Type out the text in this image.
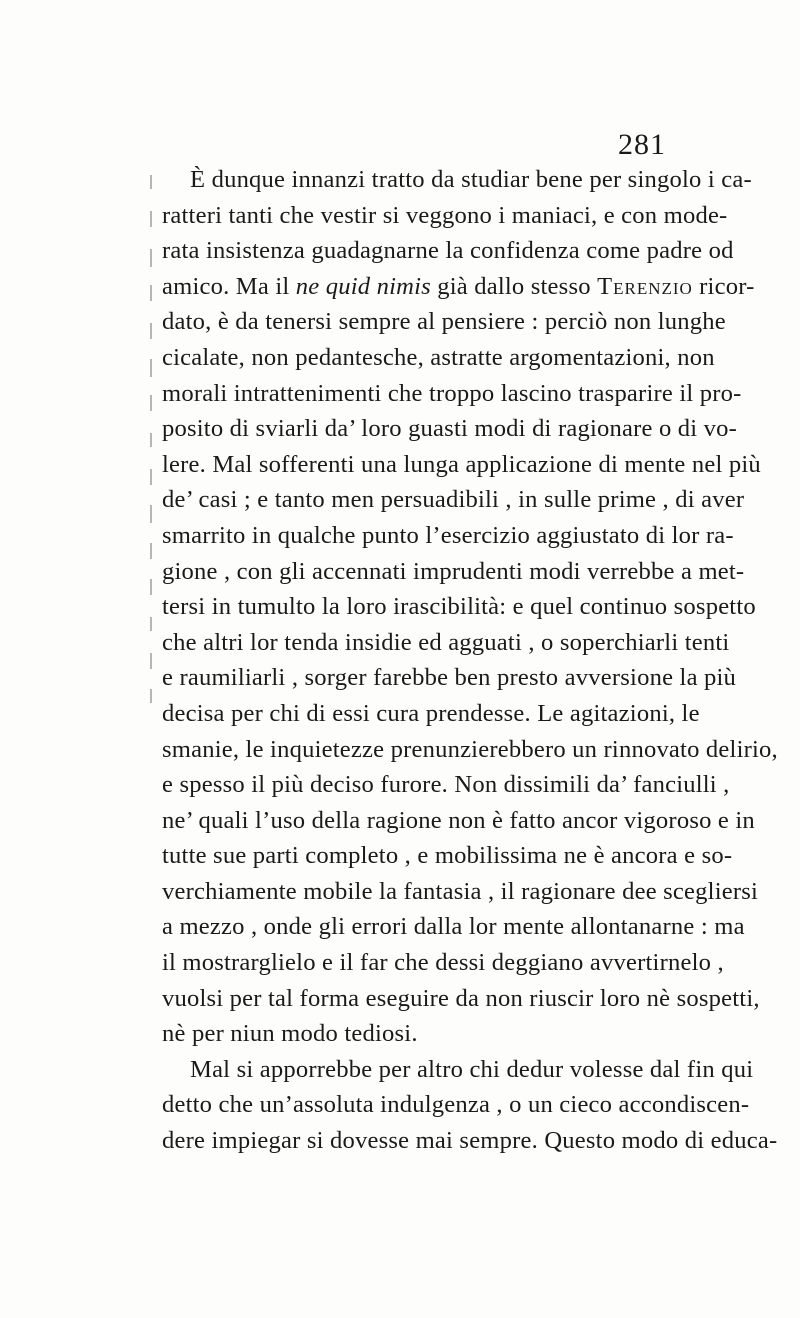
281
È dunque innanzi tratto da studiar bene per singolo i ca-
ratteri tanti che vestir si veggono i maniaci, e con mode-
rata insistenza guadagnarne la confidenza come padre od
amico. Ma il ne quid nimis già dallo stesso Terenzio ricor-
dato, è da tenersi sempre al pensiere : perciò non lunghe
cicalate, non pedantesche, astratte argomentazioni, non
morali intrattenimenti che troppo lascino trasparire il pro-
posito di sviarli da’ loro guasti modi di ragionare o di vo-
lere. Mal sofferenti una lunga applicazione di mente nel più
de’ casi ; e tanto men persuadibili , in sulle prime , di aver
smarrito in qualche punto l’esercizio aggiustato di lor ra-
gione , con gli accennati imprudenti modi verrebbe a met-
tersi in tumulto la loro irascibilità: e quel continuo sospetto
che altri lor tenda insidie ed agguati , o soperchiarli tenti
e raumiliarli , sorger farebbe ben presto avversione la più
decisa per chi di essi cura prendesse. Le agitazioni, le
smanie, le inquietezze prenunzierebbero un rinnovato delirio,
e spesso il più deciso furore. Non dissimili da’ fanciulli ,
ne’ quali l’uso della ragione non è fatto ancor vigoroso e in
tutte sue parti completo , e mobilissima ne è ancora e so-
verchiamente mobile la fantasia , il ragionare dee scegliersi
a mezzo , onde gli errori dalla lor mente allontanarne : ma
il mostrarglielo e il far che dessi deggiano avvertirnelo ,
vuolsi per tal forma eseguire da non riuscir loro nè sospetti,
nè per niun modo tediosi.
Mal si apporrebbe per altro chi dedur volesse dal fin qui
detto che un’assoluta indulgenza , o un cieco accondiscen-
dere impiegar si dovesse mai sempre. Questo modo di educa-
